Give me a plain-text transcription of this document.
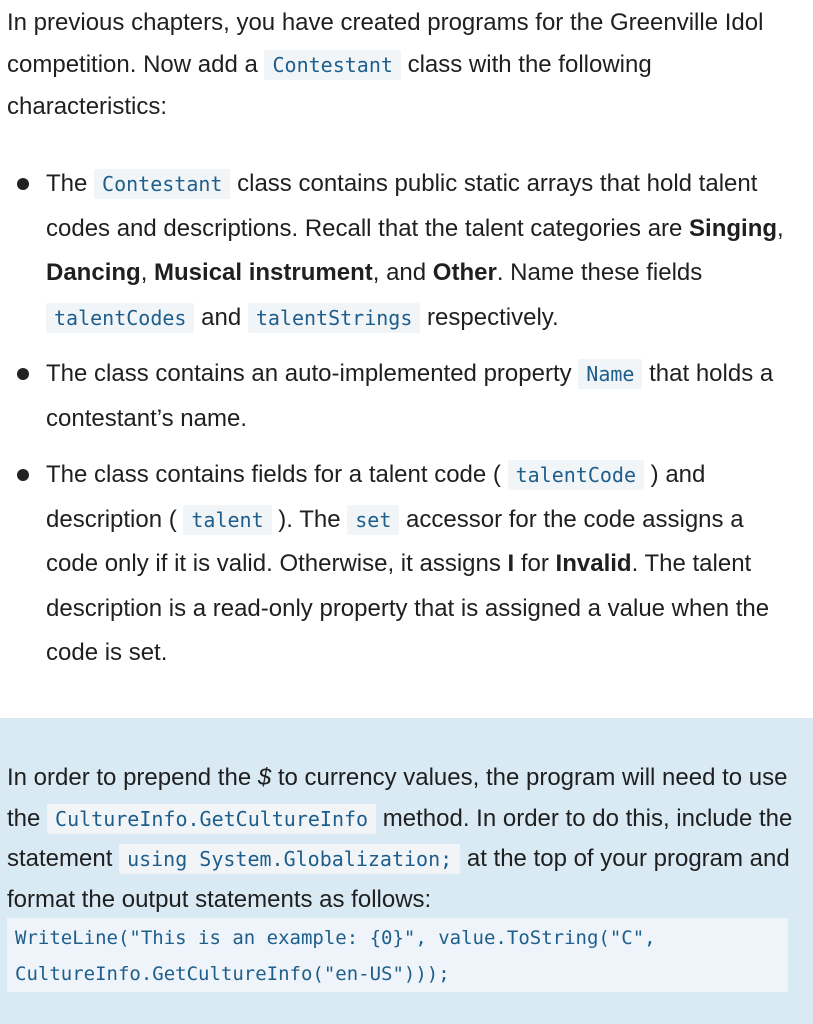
In previous chapters, you have created programs for the Greenville Idol competition. Now add a Contestant class with the following characteristics:

The Contestant class contains public static arrays that hold talent codes and descriptions. Recall that the talent categories are Singing, Dancing, Musical instrument, and Other. Name these fields talentCodes and talentStrings respectively.
The class contains an auto-implemented property Name that holds a contestant’s name.
The class contains fields for a talent code ( talentCode ) and description ( talent ). The set accessor for the code assigns a code only if it is valid. Otherwise, it assigns I for Invalid. The talent description is a read-only property that is assigned a value when the code is set.

In order to prepend the $ to currency values, the program will need to use the CultureInfo.GetCultureInfo method. In order to do this, include the statement using System.Globalization; at the top of your program and format the output statements as follows:

WriteLine("This is an example: {0}", value.ToString("C",
CultureInfo.GetCultureInfo("en-US")));
